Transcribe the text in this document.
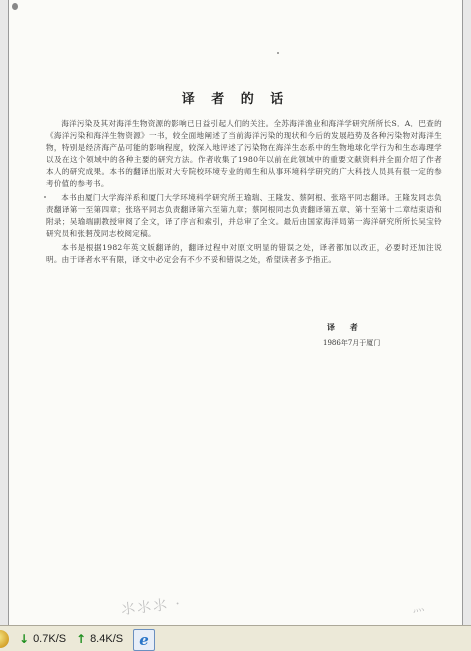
译 者 的 话

海洋污染及其对海洋生物资源的影响已日益引起人们的关注。全苏海洋渔业和海洋学研究所所长S．A．巴查的《海洋污染和海洋生物资源》一书，较全面地阐述了当前海洋污染的现状和今后的发展趋势及各种污染物对海洋生物，特别是经济海产品可能的影响程度，较深入地评述了污染物在海洋生态系中的生物地球化学行为和生态毒理学以及在这个领域中的各种主要的研究方法。作者收集了1980年以前在此领域中的重要文献资料并全面介绍了作者本人的研究成果。本书的翻译出版对大专院校环境专业的师生和从事环境科学研究的广大科技人员具有很一定的参考价值的参考书。

本书由厦门大学海洋系和厦门大学环境科学研究所王瑜瑞、王隆发、蔡阿根、张珞平同志翻译。王隆发同志负责翻译第一至第四章；张珞平同志负责翻译第六至第九章；蔡阿根同志负责翻译第五章、第十至第十二章结束语和附录；吴瑜端副教授审阅了全文，译了序言和索引，并总审了全文。最后由国家海洋局第一海洋研究所所长吴宝铃研究员和张䂮茂同志校阅定稿。

本书是根据1982年英文版翻译的，翻译过程中对原文明显的错误之处，译者都加以改正，必要时还加注说明。由于译者水平有限，译文中必定会有不少不妥和错误之处，希望读者多予指正。

译 者

1986年7月于厦门

⺢⺢⺢ ·	⺣
↓ 0.7K/S ↑ 8.4K/S e
